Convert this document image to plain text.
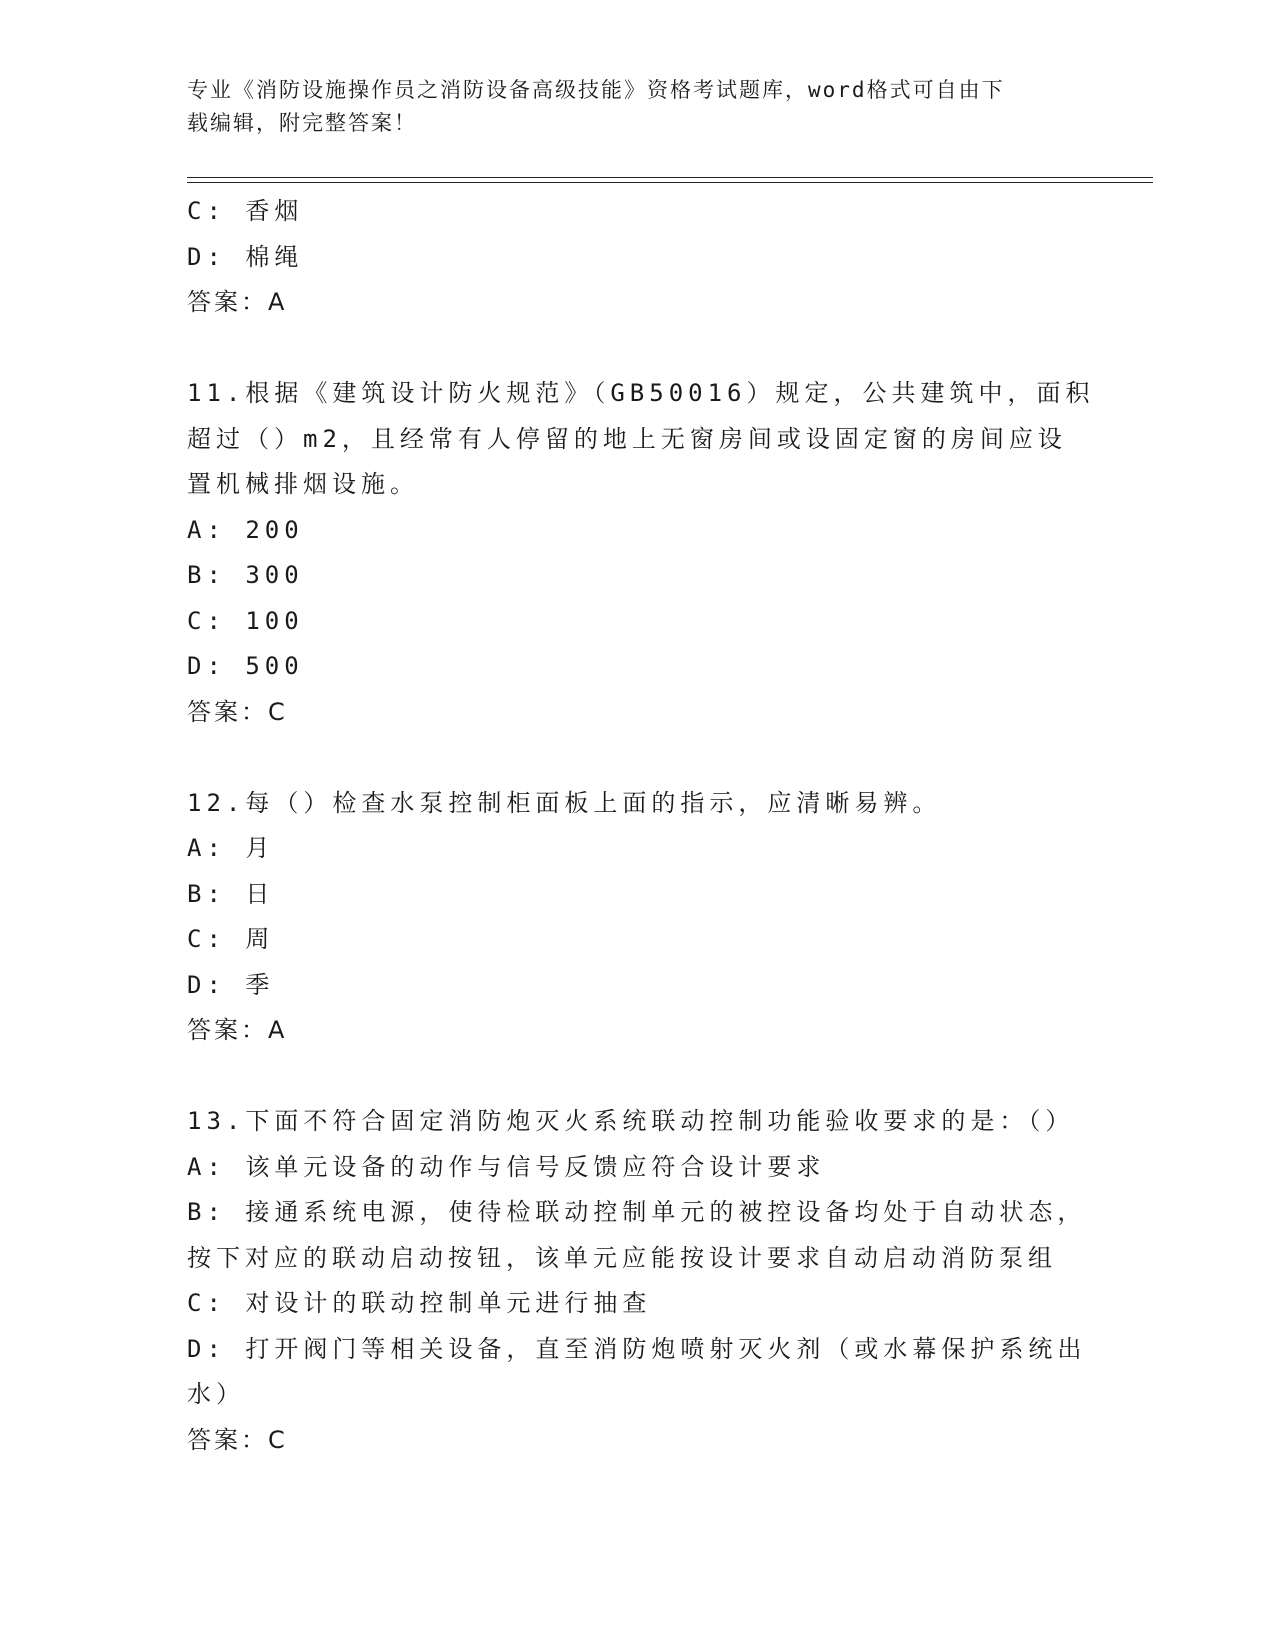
专业《消防设施操作员之消防设备高级技能》资格考试题库，word格式可自由下
载编辑，附完整答案！
C: 香烟
D: 棉绳
答案：A
11.根据《建筑设计防火规范》（GB50016）规定，公共建筑中，面积
超过（）m2，且经常有人停留的地上无窗房间或设固定窗的房间应设
置机械排烟设施。
A: 200
B: 300
C: 100
D: 500
答案：C
12.每（）检查水泵控制柜面板上面的指示，应清晰易辨。
A: 月
B: 日
C: 周
D: 季
答案：A
13.下面不符合固定消防炮灭火系统联动控制功能验收要求的是：（）
A: 该单元设备的动作与信号反馈应符合设计要求
B: 接通系统电源，使待检联动控制单元的被控设备均处于自动状态，
按下对应的联动启动按钮，该单元应能按设计要求自动启动消防泵组
C: 对设计的联动控制单元进行抽查
D: 打开阀门等相关设备，直至消防炮喷射灭火剂（或水幕保护系统出
水）
答案：C
